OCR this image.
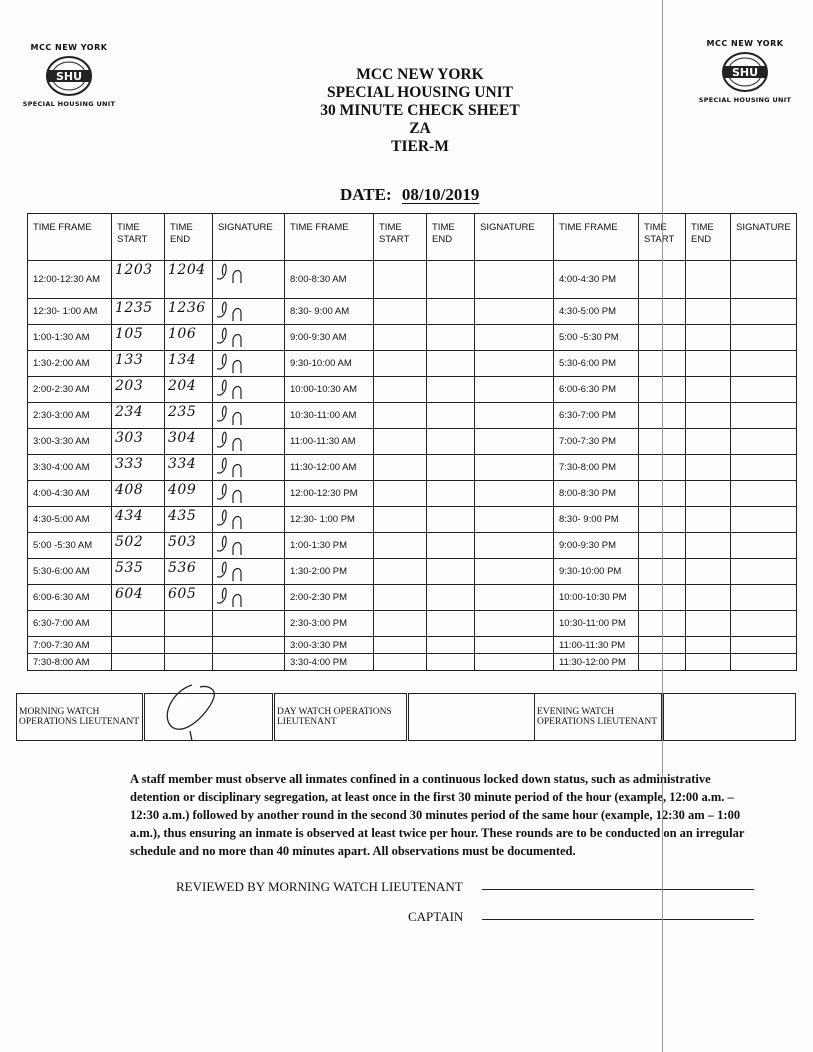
MCC NEW YORK
SHU
SPECIAL HOUSING UNIT
MCC NEW YORK
SHU
SPECIAL HOUSING UNIT
MCC NEW YORK
SPECIAL HOUSING UNIT
30 MINUTE CHECK SHEET
ZA
TIER-M
DATE: 08/10/2019
TIME FRAME	TIME START	TIME END	SIGNATURE	TIME FRAME	TIME START	TIME END	SIGNATURE	TIME FRAME	TIME START	TIME END	SIGNATURE
12:00-12:30 AM	1203	1204		8:00-8:30 AM				4:00-4:30 PM			
12:30- 1:00 AM	1235	1236		8:30- 9:00 AM				4:30-5:00 PM			
1:00-1:30 AM	105	106		9:00-9:30 AM				5:00 -5:30 PM			
1:30-2:00 AM	133	134		9:30-10:00 AM				5:30-6:00 PM			
2:00-2:30 AM	203	204		10:00-10:30 AM				6:00-6:30 PM			
2:30-3:00 AM	234	235		10:30-11:00 AM				6:30-7:00 PM			
3:00-3:30 AM	303	304		11:00-11:30 AM				7:00-7:30 PM			
3:30-4:00 AM	333	334		11:30-12:00 AM				7:30-8:00 PM			
4:00-4:30 AM	408	409		12:00-12:30 PM				8:00-8:30 PM			
4:30-5:00 AM	434	435		12:30- 1:00 PM				8:30- 9:00 PM			
5:00 -5:30 AM	502	503		1:00-1:30 PM				9:00-9:30 PM			
5:30-6:00 AM	535	536		1:30-2:00 PM				9:30-10:00 PM			
6:00-6:30 AM	604	605		2:00-2:30 PM				10:00-10:30 PM			
6:30-7:00 AM				2:30-3:00 PM				10:30-11:00 PM			
7:00-7:30 AM				3:00-3:30 PM				11:00-11:30 PM			
7:30-8:00 AM				3:30-4:00 PM				11:30-12:00 PM			
MORNING WATCH OPERATIONS LIEUTENANT	
	DAY WATCH OPERATIONS LIEUTENANT		EVENING WATCH OPERATIONS LIEUTENANT	
A staff member must observe all inmates confined in a continuous locked down status, such as administrative detention or disciplinary segregation, at least once in the first 30 minute period of the hour (example, 12:00 a.m. – 12:30 a.m.) followed by another round in the second 30 minutes period of the same hour (example, 12:30 am – 1:00 a.m.), thus ensuring an inmate is observed at least twice per hour. These rounds are to be conducted on an irregular schedule and no more than 40 minutes apart. All observations must be documented.
REVIEWED BY MORNING WATCH LIEUTENANT
CAPTAIN
